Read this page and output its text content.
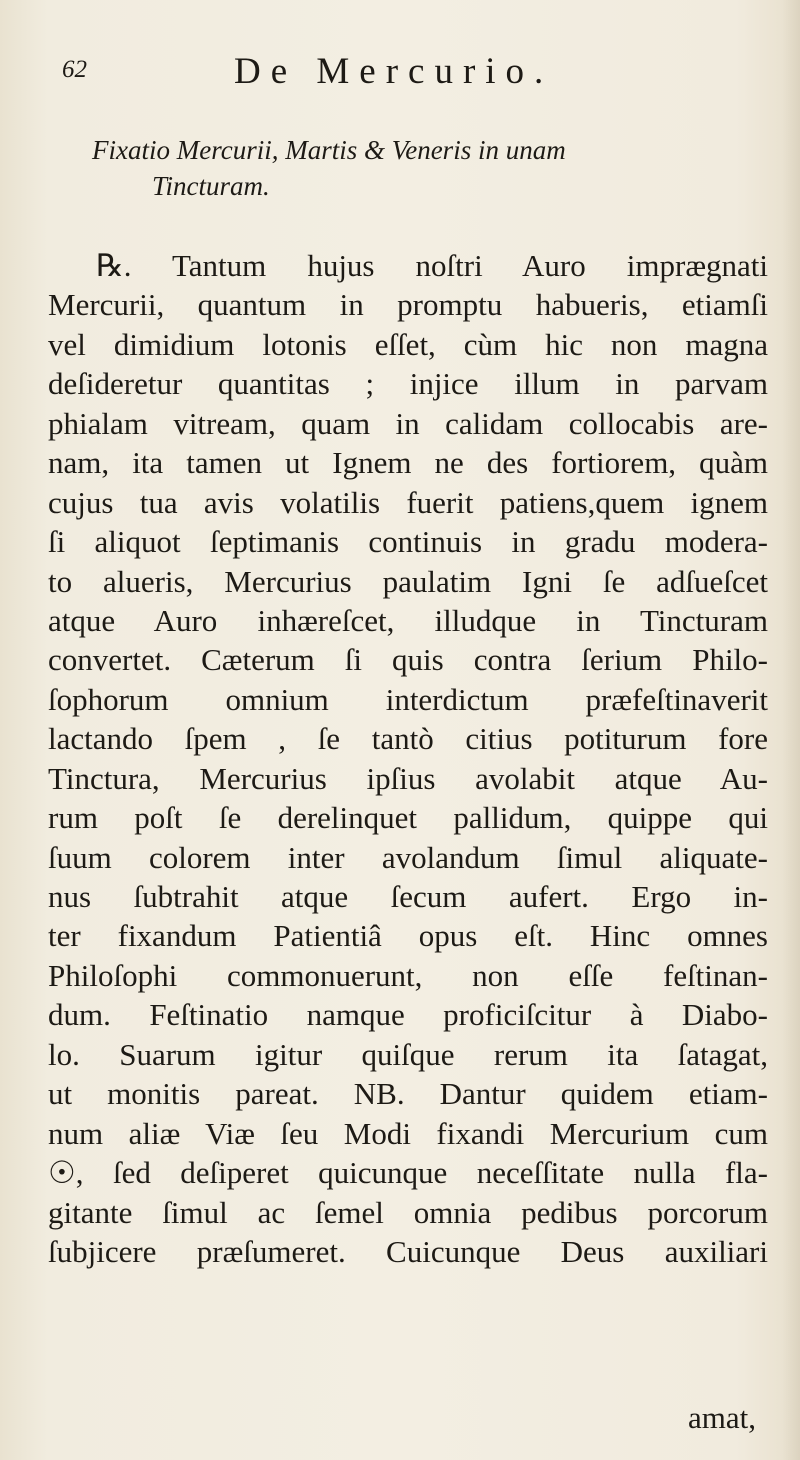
62	De Mercurio.
Fixatio Mercurii, Martis & Veneris in unam
Tincturam.
℞. Tantum hujus noſtri Auro imprægnati
Mercurii, quantum in promptu habueris, etiamſi
vel dimidium lotonis eſſet, cùm hic non magna
deſideretur quantitas ; injice illum in parvam
phialam vitream, quam in calidam collocabis are-
nam, ita tamen ut Ignem ne des fortiorem, quàm
cujus tua avis volatilis fuerit patiens,quem ignem
ſi aliquot ſeptimanis continuis in gradu modera-
to alueris, Mercurius paulatim Igni ſe adſueſcet
atque Auro inhæreſcet, illudque in Tincturam
convertet. Cæterum ſi quis contra ſerium Philo-
ſophorum omnium interdictum præfeſtinaverit
lactando ſpem , ſe tantò citius potiturum fore
Tinctura, Mercurius ipſius avolabit atque Au-
rum poſt ſe derelinquet pallidum, quippe qui
ſuum colorem inter avolandum ſimul aliquate-
nus ſubtrahit atque ſecum aufert. Ergo in-
ter fixandum Patientiâ opus eſt. Hinc omnes
Philoſophi commonuerunt, non eſſe feſtinan-
dum. Feſtinatio namque proficiſcitur à Diabo-
lo. Suarum igitur quiſque rerum ita ſatagat,
ut monitis pareat. NB. Dantur quidem etiam-
num aliæ Viæ ſeu Modi fixandi Mercurium cum
☉, ſed deſiperet quicunque neceſſitate nulla fla-
gitante ſimul ac ſemel omnia pedibus porcorum
ſubjicere præſumeret. Cuicunque Deus auxiliari
amat,
